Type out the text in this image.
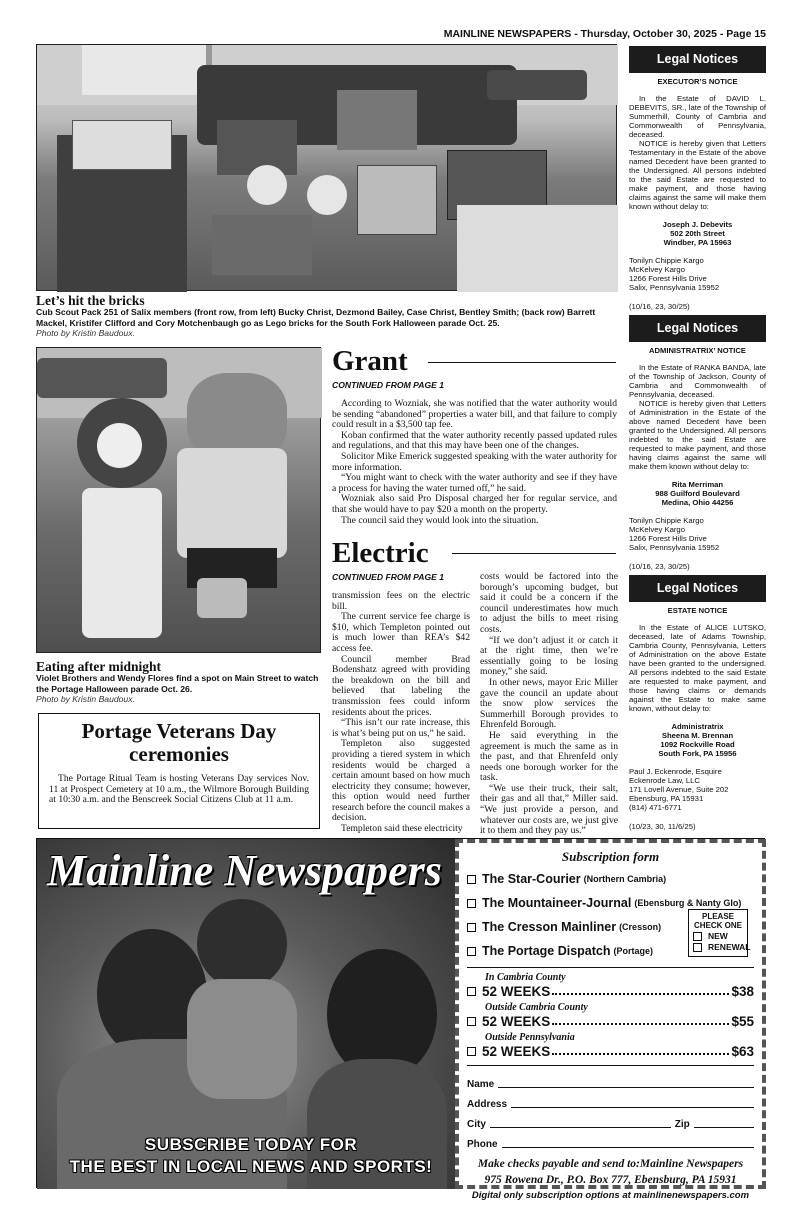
MAINLINE NEWSPAPERS - Thursday, October 30, 2025 - Page 15
Let’s hit the bricks
Cub Scout Pack 251 of Salix members (front row, from left) Bucky Christ, Dezmond Bailey, Case Christ, Bentley Smith; (back row) Barrett Mackel, Kristifer Clifford and Cory Motchenbaugh go as Lego bricks for the South Fork Halloween parade Oct. 25.
Photo by Kristin Baudoux.
Eating after midnight
Violet Brothers and Wendy Flores find a spot on Main Street to watch the Portage Halloween parade Oct. 26.
Photo by Kristin Baudoux.
Grant
CONTINUED FROM PAGE 1

According to Wozniak, she was notified that the water authority would be sending “abandoned” properties a water bill, and that failure to comply could result in a $3,500 tap fee.

Koban confirmed that the water authority recently passed updated rules and regulations, and that this may have been one of the changes.

Solicitor Mike Emerick suggested speaking with the water authority for more information.

“You might want to check with the water authority and see if they have a process for having the water turned off,” he said.

Wozniak also said Pro Disposal charged her for regular service, and that she would have to pay $20 a month on the property.

The council said they would look into the situation.

Electric
CONTINUED FROM PAGE 1

transmission fees on the electric bill.

The current service fee charge is $10, which Templeton pointed out is much lower than REA’s $42 access fee.

Council member Brad Bodenshatz agreed with providing the breakdown on the bill and believed that labeling the transmission fees could inform residents about the prices.

“This isn’t our rate increase, this is what’s being put on us,” he said.

Templeton also suggested providing a tiered system in which residents would be charged a certain amount based on how much electricity they consume; however, this option would need further research before the council makes a decision.

Templeton said these electricity

costs would be factored into the borough’s upcoming budget, but said it could be a concern if the council underestimates how much to adjust the bills to meet rising costs.

“If we don’t adjust it or catch it at the right time, then we’re essentially going to be losing money,” she said.

In other news, mayor Eric Miller gave the council an update about the snow plow services the Summerhill Borough provides to Ehrenfeld Borough.

He said everything in the agreement is much the same as in the past, and that Ehrenfeld only needs one borough worker for the task.

“We use their truck, their salt, their gas and all that,” Miller said. “We just provide a person, and whatever our costs are, we just give it to them and they pay us.”

Portage Veterans Day ceremonies

The Portage Ritual Team is hosting Veterans Day services Nov. 11 at Prospect Cemetery at 10 a.m., the Wilmore Borough Building at 10:30 a.m. and the Benscreek Social Citizens Club at 11 a.m.

Legal Notices
EXECUTOR’S NOTICE

In the Estate of DAVID L. DEBEVITS, SR., late of the Township of Summerhill, County of Cambria and Commonwealth of Pennsylvania, deceased.

NOTICE is hereby given that Letters Testamentary in the Estate of the above named Decedent have been granted to the Undersigned. All persons indebted to the said Estate are requested to make payment, and those having claims against the same will make them known without delay to:

Joseph J. Debevits
502 20th Street
Windber, PA 15963
Tonilyn Chippie Kargo
McKelvey Kargo
1266 Forest Hills Drive
Salix, Pennsylvania 15952
(10/16, 23, 30/25)
Legal Notices
ADMINISTRATRIX’ NOTICE

In the Estate of RANKA BANDA, late of the Township of Jackson, County of Cambria and Commonwealth of Pennsylvania, deceased.

NOTICE is hereby given that Letters of Administration in the Estate of the above named Decedent have been granted to the Undersigned. All persons indebted to the said Estate are requested to make payment, and those having claims against the same will make them known without delay to:

Rita Merriman
988 Guilford Boulevard
Medina, Ohio 44256
Tonilyn Chippie Kargo
McKelvey Kargo
1266 Forest Hills Drive
Salix, Pennsylvania 15952
(10/16, 23, 30/25)
Legal Notices
ESTATE NOTICE

In the Estate of ALICE LUTSKO, deceased, late of Adams Township, Cambria County, Pennsylvania, Letters of Administration on the above Estate have been granted to the undersigned. All persons indebted to the said Estate are requested to make payment, and those having claims or demands against the Estate to make same known, without delay to:

Administratrix
Sheena M. Brennan
1092 Rockville Road
South Fork, PA 15956
Paul J. Eckenrode, Esquire
Eckenrode Law, LLC
171 Lovell Avenue, Suite 202
Ebensburg, PA 15931
(814) 471-6771
(10/23, 30, 11/6/25)
Mainline Newspapers
SUBSCRIBE TODAY FOR
THE BEST IN LOCAL NEWS AND SPORTS!
Subscription form
The Star-Courier (Northern Cambria)
The Mountaineer-Journal (Ebensburg & Nanty Glo)
The Cresson Mainliner (Cresson)
The Portage Dispatch (Portage)
PLEASE CHECK ONE
NEW
RENEWAL
In Cambria County
52 WEEKS	$38
Outside Cambria County
52 WEEKS	$55
Outside Pennsylvania
52 WEEKS	$63
Name
Address
City	Zip
Phone
Make checks payable and send to:Mainline Newspapers
975 Rowena Dr., P.O. Box 777, Ebensburg, PA 15931
Digital only subscription options at mainlinenewspapers.com
